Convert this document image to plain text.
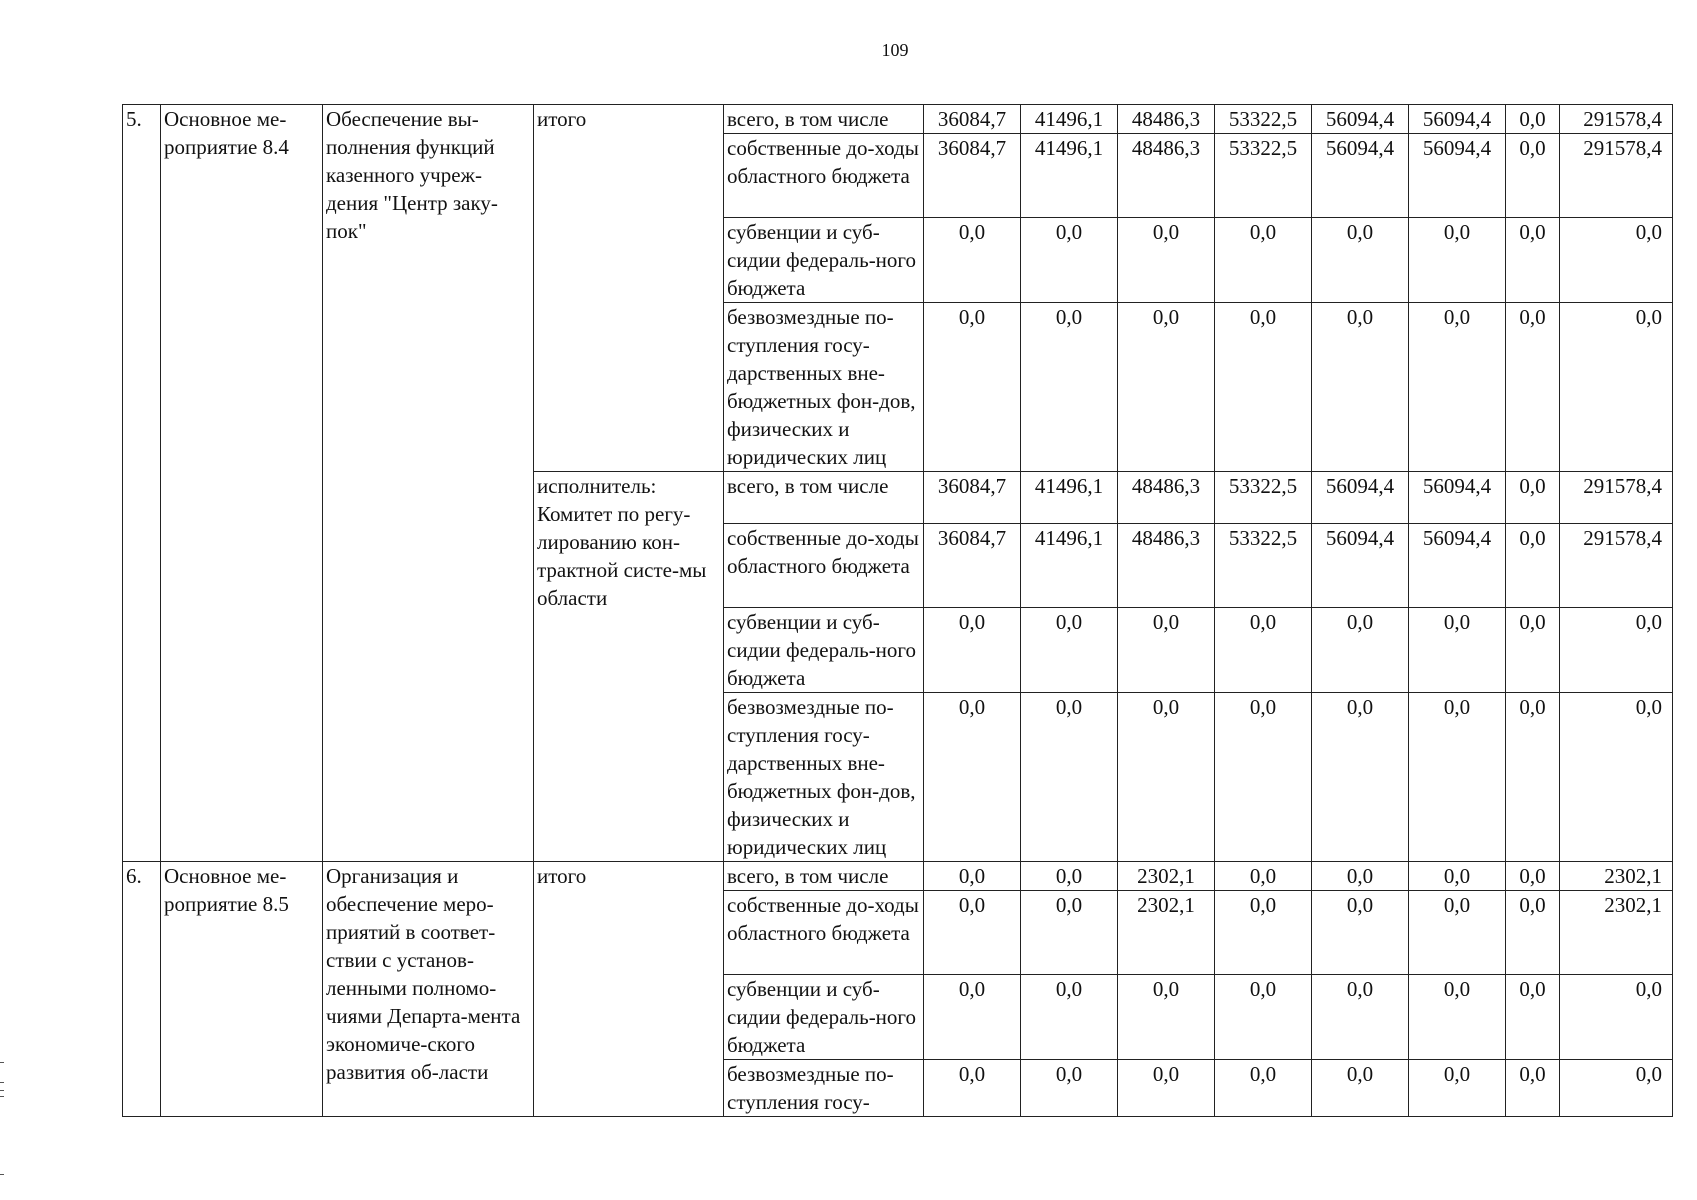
109
5.	Основное ме-роприятие 8.4	Обеспечение вы-полнения функций казенного учреж-дения "Центр заку-пок"	итого	всего, в том числе	36084,7	41496,1	48486,3	53322,5	56094,4	56094,4	0,0	291578,4
				собственные до-ходы областного бюджета	36084,7	41496,1	48486,3	53322,5	56094,4	56094,4	0,0	291578,4
				субвенции и суб-сидии федераль-ного бюджета	0,0	0,0	0,0	0,0	0,0	0,0	0,0	0,0
				безвозмездные по-ступления госу-дарственных вне-бюджетных фон-дов, физических и юридических лиц	0,0	0,0	0,0	0,0	0,0	0,0	0,0	0,0
			исполнитель: Комитет по регу-лированию кон-трактной систе-мы области	всего, в том числе	36084,7	41496,1	48486,3	53322,5	56094,4	56094,4	0,0	291578,4
				собственные до-ходы областного бюджета	36084,7	41496,1	48486,3	53322,5	56094,4	56094,4	0,0	291578,4
				субвенции и суб-сидии федераль-ного бюджета	0,0	0,0	0,0	0,0	0,0	0,0	0,0	0,0
				безвозмездные по-ступления госу-дарственных вне-бюджетных фон-дов, физических и юридических лиц	0,0	0,0	0,0	0,0	0,0	0,0	0,0	0,0
6.	Основное ме-роприятие 8.5	Организация и обеспечение меро-приятий в соответ-ствии с установ-ленными полномо-чиями Департа-мента экономиче-ского развития об-ласти	итого	всего, в том числе	0,0	0,0	2302,1	0,0	0,0	0,0	0,0	2302,1
				собственные до-ходы областного бюджета	0,0	0,0	2302,1	0,0	0,0	0,0	0,0	2302,1
				субвенции и суб-сидии федераль-ного бюджета	0,0	0,0	0,0	0,0	0,0	0,0	0,0	0,0
				безвозмездные по-ступления госу-	0,0	0,0	0,0	0,0	0,0	0,0	0,0	0,0
